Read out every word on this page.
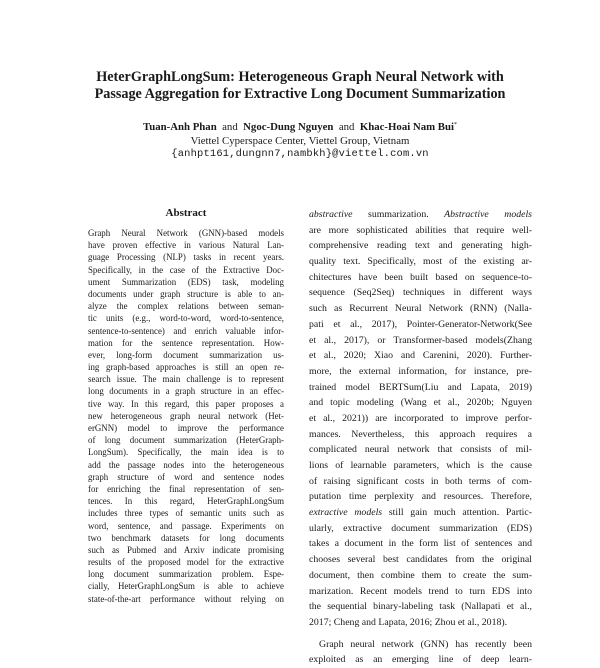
HeterGraphLongSum: Heterogeneous Graph Neural Network with
Passage Aggregation for Extractive Long Document Summarization
Tuan-Anh Phan and Ngoc-Dung Nguyen and Khac-Hoai Nam Bui*
Viettel Cyperspace Center, Viettel Group, Vietnam
{anhpt161,dungnn7,nambkh}@viettel.com.vn
Abstract
Graph Neural Network (GNN)-based models
have proven effective in various Natural Lan-
guage Processing (NLP) tasks in recent years.
Specifically, in the case of the Extractive Doc-
ument Summarization (EDS) task, modeling
documents under graph structure is able to an-
alyze the complex relations between seman-
tic units (e.g., word-to-word, word-to-sentence,
sentence-to-sentence) and enrich valuable infor-
mation for the sentence representation. How-
ever, long-form document summarization us-
ing graph-based approaches is still an open re-
search issue. The main challenge is to represent
long documents in a graph structure in an effec-
tive way. In this regard, this paper proposes a
new heterogeneous graph neural network (Het-
erGNN) model to improve the performance
of long document summarization (HeterGraph-
LongSum). Specifically, the main idea is to
add the passage nodes into the heterogeneous
graph structure of word and sentence nodes
for enriching the final representation of sen-
tences. In this regard, HeterGraphLongSum
includes three types of semantic units such as
word, sentence, and passage. Experiments on
two benchmark datasets for long documents
such as Pubmed and Arxiv indicate promising
results of the proposed model for the extractive
long document summarization problem. Espe-
cially, HeterGraphLongSum is able to achieve
state-of-the-art performance without relying on
abstractive summarization. Abstractive models
are more sophisticated abilities that require well-
comprehensive reading text and generating high-
quality text. Specifically, most of the existing ar-
chitectures have been built based on sequence-to-
sequence (Seq2Seq) techniques in different ways
such as Recurrent Neural Network (RNN) (Nalla-
pati et al., 2017), Pointer-Generator-Network(See
et al., 2017), or Transformer-based models(Zhang
et al., 2020; Xiao and Carenini, 2020). Further-
more, the external information, for instance, pre-
trained model BERTSum(Liu and Lapata, 2019)
and topic modeling (Wang et al., 2020b; Nguyen
et al., 2021)) are incorporated to improve perfor-
mances. Nevertheless, this approach requires a
complicated neural network that consists of mil-
lions of learnable parameters, which is the cause
of raising significant costs in both terms of com-
putation time perplexity and resources. Therefore,
extractive models still gain much attention. Partic-
ularly, extractive document summarization (EDS)
takes a document in the form list of sentences and
chooses several best candidates from the original
document, then combine them to create the sum-
marization. Recent models trend to turn EDS into
the sequential binary-labeling task (Nallapati et al.,
2017; Cheng and Lapata, 2016; Zhou et al., 2018).
Graph neural network (GNN) has recently been
exploited as an emerging line of deep learn-
